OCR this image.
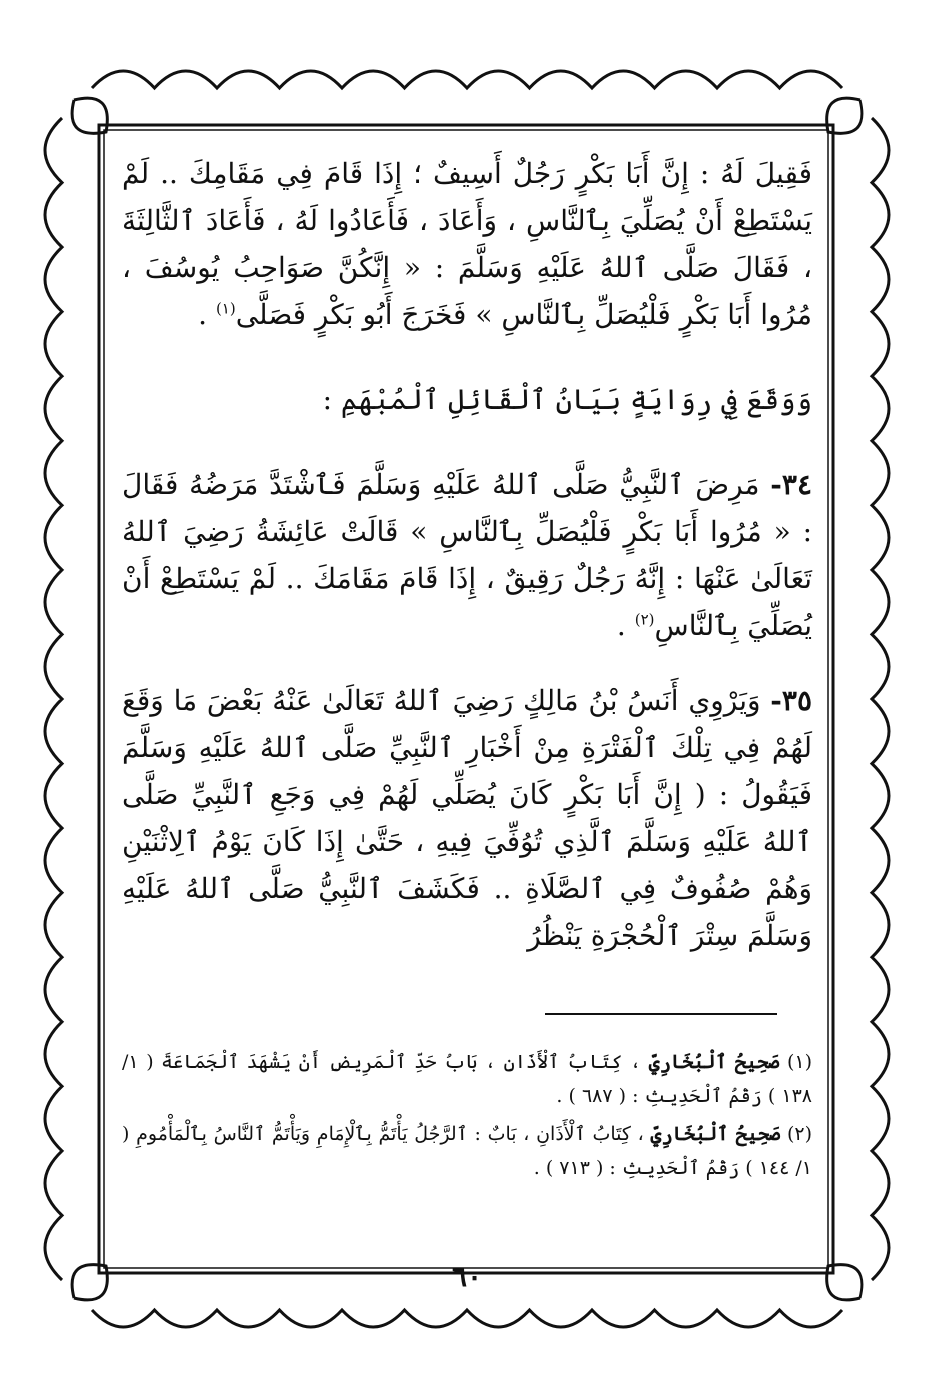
فَقِيلَ لَهُ : إِنَّ أَبَا بَكْرٍ رَجُلٌ أَسِيفٌ ؛ إِذَا قَامَ فِي مَقَامِكَ .. لَمْ يَسْتَطِعْ أَنْ يُصَلِّيَ بِٱلنَّاسِ ، وَأَعَادَ ، فَأَعَادُوا لَهُ ، فَأَعَادَ ٱلثَّالِثَةَ ، فَقَالَ صَلَّى ٱللهُ عَلَيْهِ وَسَلَّمَ : « إِنَّكُنَّ صَوَاحِبُ يُوسُفَ ، مُرُوا أَبَا بَكْرٍ فَلْيُصَلِّ بِٱلنَّاسِ » فَخَرَجَ أَبُو بَكْرٍ فَصَلَّى$^{(١)}$ .

وَوَقَعَ فِي رِوَايَةٍ بَيَانُ ٱلْقَائِلِ ٱلْمُبْهَمِ :

٣٤- مَرِضَ ٱلنَّبِيُّ صَلَّى ٱللهُ عَلَيْهِ وَسَلَّمَ فَٱشْتَدَّ مَرَضُهُ فَقَالَ : « مُرُوا أَبَا بَكْرٍ فَلْيُصَلِّ بِٱلنَّاسِ » قَالَتْ عَائِشَةُ رَضِيَ ٱللهُ تَعَالَىٰ عَنْهَا : إِنَّهُ رَجُلٌ رَقِيقٌ ، إِذَا قَامَ مَقَامَكَ .. لَمْ يَسْتَطِعْ أَنْ يُصَلِّيَ بِٱلنَّاسِ$^{(٢)}$ .

٣٥- وَيَرْوِي أَنَسُ بْنُ مَالِكٍ رَضِيَ ٱللهُ تَعَالَىٰ عَنْهُ بَعْضَ مَا وَقَعَ لَهُمْ فِي تِلْكَ ٱلْفَتْرَةِ مِنْ أَخْبَارِ ٱلنَّبِيِّ صَلَّى ٱللهُ عَلَيْهِ وَسَلَّمَ فَيَقُولُ : ( إِنَّ أَبَا بَكْرٍ كَانَ يُصَلِّي لَهُمْ فِي وَجَعِ ٱلنَّبِيِّ صَلَّى ٱللهُ عَلَيْهِ وَسَلَّمَ ٱلَّذِي تُوُفِّيَ فِيهِ ، حَتَّىٰ إِذَا كَانَ يَوْمُ ٱلِاثْنَيْنِ وَهُمْ صُفُوفٌ فِي ٱلصَّلَاةِ .. فَكَشَفَ ٱلنَّبِيُّ صَلَّى ٱللهُ عَلَيْهِ وَسَلَّمَ سِتْرَ ٱلْحُجْرَةِ يَنْظُرُ

(١) صَحِيحُ ٱلْبُخَارِيِّ ، كِتَابُ ٱلْأَذَانِ ، بَابُ حَدِّ ٱلْمَرِيضِ أَنْ يَشْهَدَ ٱلْجَمَاعَةَ ( ١/ ١٣٨ ) رَقْمُ ٱلْحَدِيثِ : ( ٦٨٧ ) .

(٢) صَحِيحُ ٱلْبُخَارِيِّ ، كِتَابُ ٱلْأَذَانِ ، بَابٌ : ٱلرَّجُلُ يَأْتَمُّ بِٱلْإِمَامِ وَيَأْتَمُّ ٱلنَّاسُ بِٱلْمَأْمُومِ ( ١/ ١٤٤ ) رَقْمُ ٱلْحَدِيثِ : ( ٧١٣ ) .

٦٠
